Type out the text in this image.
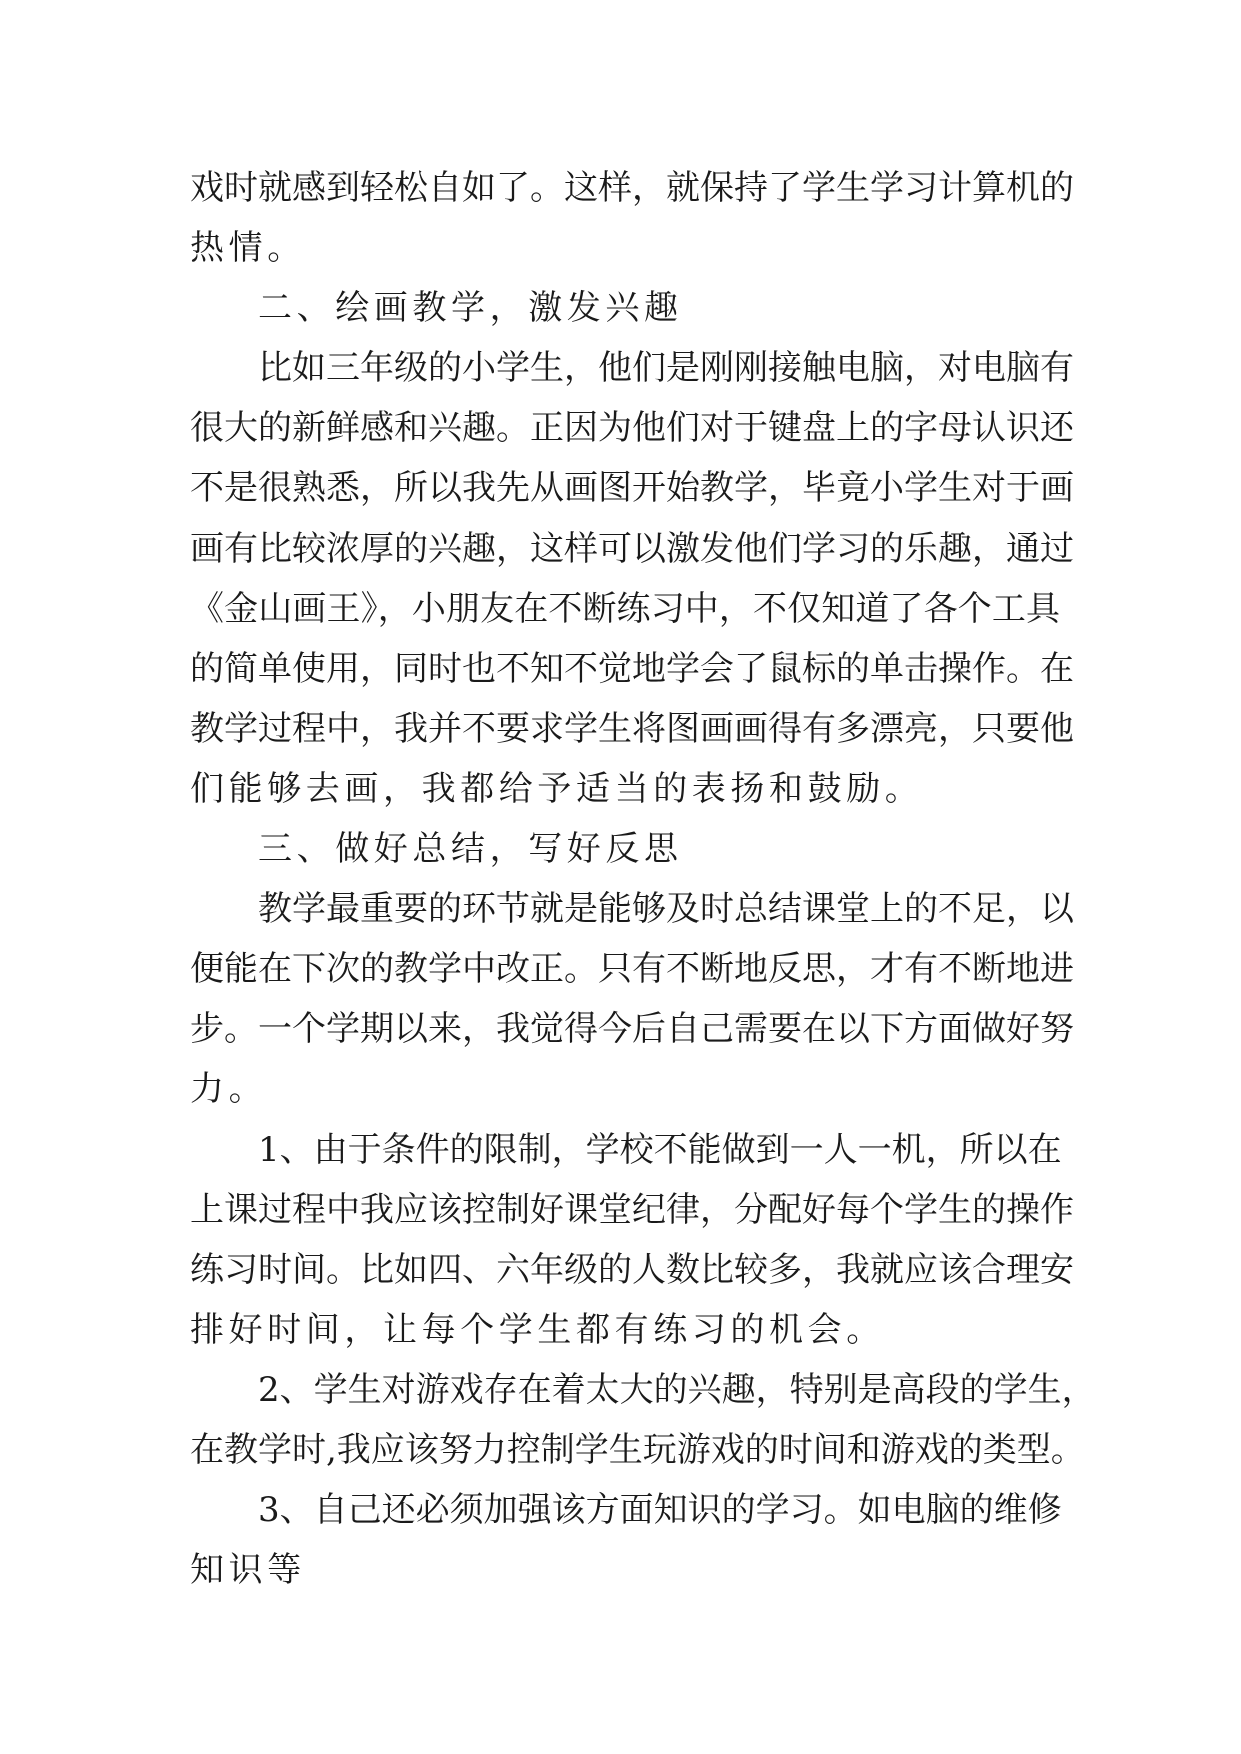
戏时就感到轻松自如了。这样，就保持了学生学习计算机的
热情。
二、绘画教学，激发兴趣
比如三年级的小学生，他们是刚刚接触电脑，对电脑有
很大的新鲜感和兴趣。正因为他们对于键盘上的字母认识还
不是很熟悉，所以我先从画图开始教学，毕竟小学生对于画
画有比较浓厚的兴趣，这样可以激发他们学习的乐趣，通过
《金山画王》，小朋友在不断练习中，不仅知道了各个工具
的简单使用，同时也不知不觉地学会了鼠标的单击操作。在
教学过程中，我并不要求学生将图画画得有多漂亮，只要他
们能够去画，我都给予适当的表扬和鼓励。
三、做好总结，写好反思
教学最重要的环节就是能够及时总结课堂上的不足，以
便能在下次的教学中改正。只有不断地反思，才有不断地进
步。一个学期以来，我觉得今后自己需要在以下方面做好努
力。
1、由于条件的限制，学校不能做到一人一机，所以在
上课过程中我应该控制好课堂纪律，分配好每个学生的操作
练习时间。比如四、六年级的人数比较多，我就应该合理安
排好时间，让每个学生都有练习的机会。
2、学生对游戏存在着太大的兴趣，特别是高段的学生，
在教学时,我应该努力控制学生玩游戏的时间和游戏的类型。
3、自己还必须加强该方面知识的学习。如电脑的维修
知识等
